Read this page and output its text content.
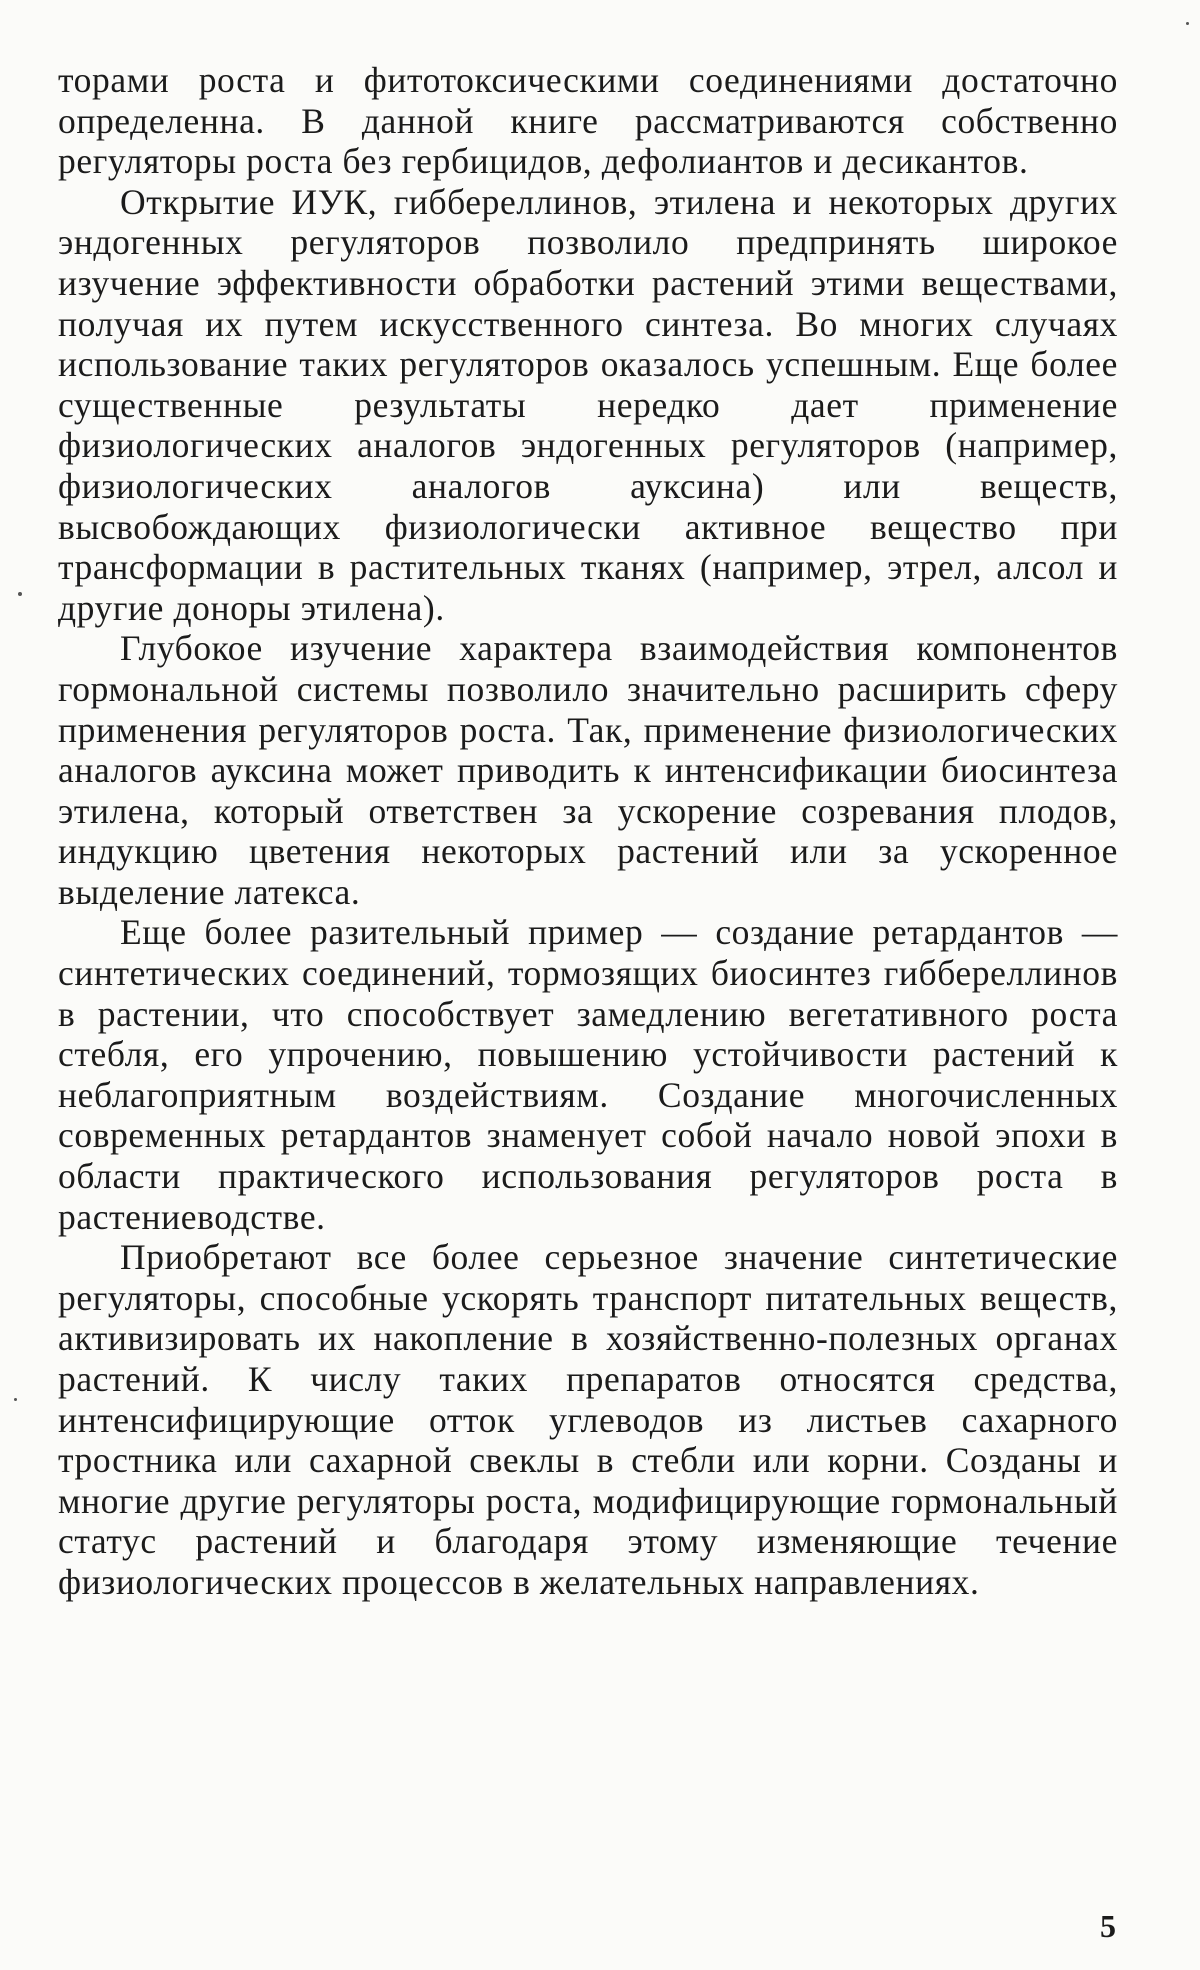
торами роста и фитотоксическими соединениями достаточно определенна. В данной книге рассматриваются собственно регуляторы роста без гербицидов, дефолиантов и десикантов.

Открытие ИУК, гиббереллинов, этилена и некоторых других эндогенных регуляторов позволило предпринять широкое изучение эффективности обработки растений этими веществами, получая их путем искусственного синтеза. Во многих случаях использование таких регуляторов оказалось успешным. Еще более существенные результаты нередко дает применение физиологических аналогов эндогенных регуляторов (например, физиологических аналогов ауксина) или веществ, высвобождающих физиологически активное вещество при трансформации в растительных тканях (например, этрел, алсол и другие доноры этилена).

Глубокое изучение характера взаимодействия компонентов гормональной системы позволило значительно расширить сферу применения регуляторов роста. Так, применение физиологических аналогов ауксина может приводить к интенсификации биосинтеза этилена, который ответствен за ускорение созревания плодов, индукцию цветения некоторых растений или за ускоренное выделение латекса.

Еще более разительный пример — создание ретардантов — синтетических соединений, тормозящих биосинтез гиббереллинов в растении, что способствует замедлению вегетативного роста стебля, его упрочению, повышению устойчивости растений к неблагоприятным воздействиям. Создание многочисленных современных ретардантов знаменует собой начало новой эпохи в области практического использования регуляторов роста в растениеводстве.

Приобретают все более серьезное значение синтетические регуляторы, способные ускорять транспорт питательных веществ, активизировать их накопление в хозяйственно-полезных органах растений. К числу таких препаратов относятся средства, интенсифицирующие отток углеводов из листьев сахарного тростника или сахарной свеклы в стебли или корни. Созданы и многие другие регуляторы роста, модифицирующие гормональный статус растений и благодаря этому изменяющие течение физиологических процессов в желательных направлениях.

5
